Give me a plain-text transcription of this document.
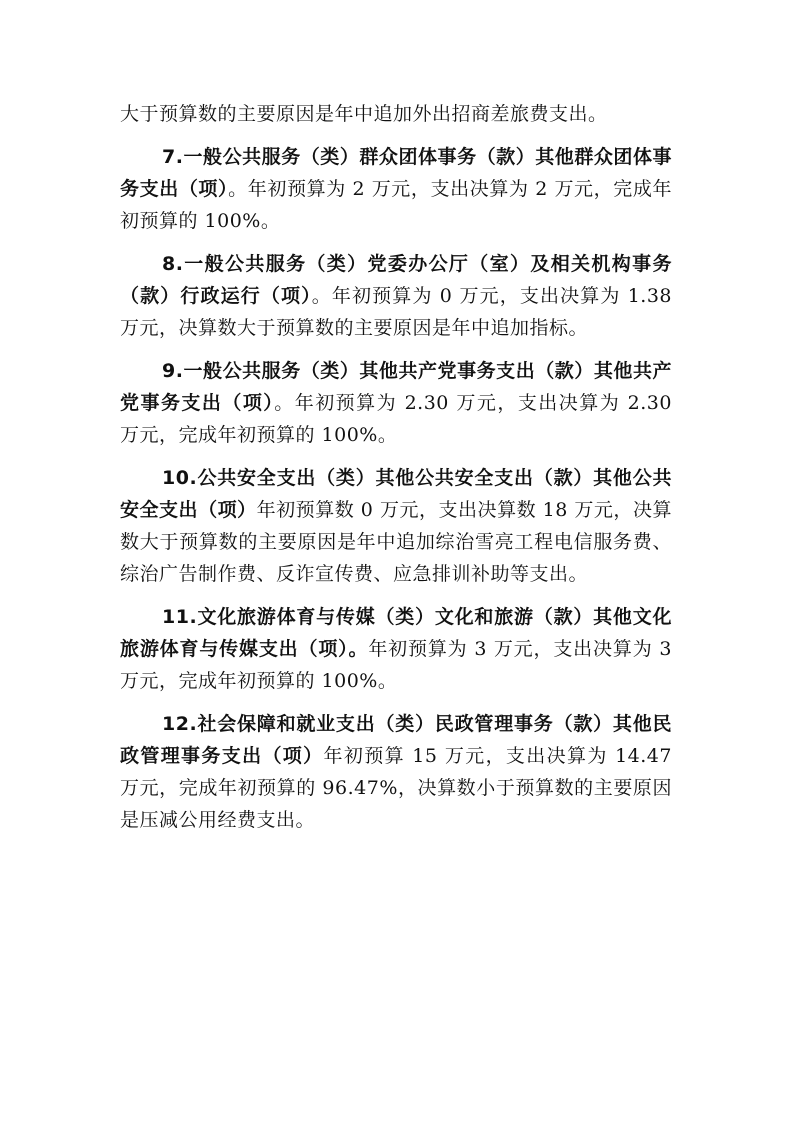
大于预算数的主要原因是年中追加外出招商差旅费支出。

7.一般公共服务（类）群众团体事务（款）其他群众团体事务支出（项）。年初预算为 2 万元，支出决算为 2 万元，完成年初预算的 100%。

8.一般公共服务（类）党委办公厅（室）及相关机构事务（款）行政运行（项）。年初预算为 0 万元，支出决算为 1.38 万元，决算数大于预算数的主要原因是年中追加指标。

9.一般公共服务（类）其他共产党事务支出（款）其他共产党事务支出（项）。年初预算为 2.30 万元，支出决算为 2.30 万元，完成年初预算的 100%。

10.公共安全支出（类）其他公共安全支出（款）其他公共安全支出（项）年初预算数 0 万元，支出决算数 18 万元，决算数大于预算数的主要原因是年中追加综治雪亮工程电信服务费、综治广告制作费、反诈宣传费、应急排训补助等支出。

11.文化旅游体育与传媒（类）文化和旅游（款）其他文化旅游体育与传媒支出（项）。年初预算为 3 万元，支出决算为 3 万元，完成年初预算的 100%。

12.社会保障和就业支出（类）民政管理事务（款）其他民政管理事务支出（项）年初预算 15 万元，支出决算为 14.47 万元，完成年初预算的 96.47%，决算数小于预算数的主要原因是压减公用经费支出。
